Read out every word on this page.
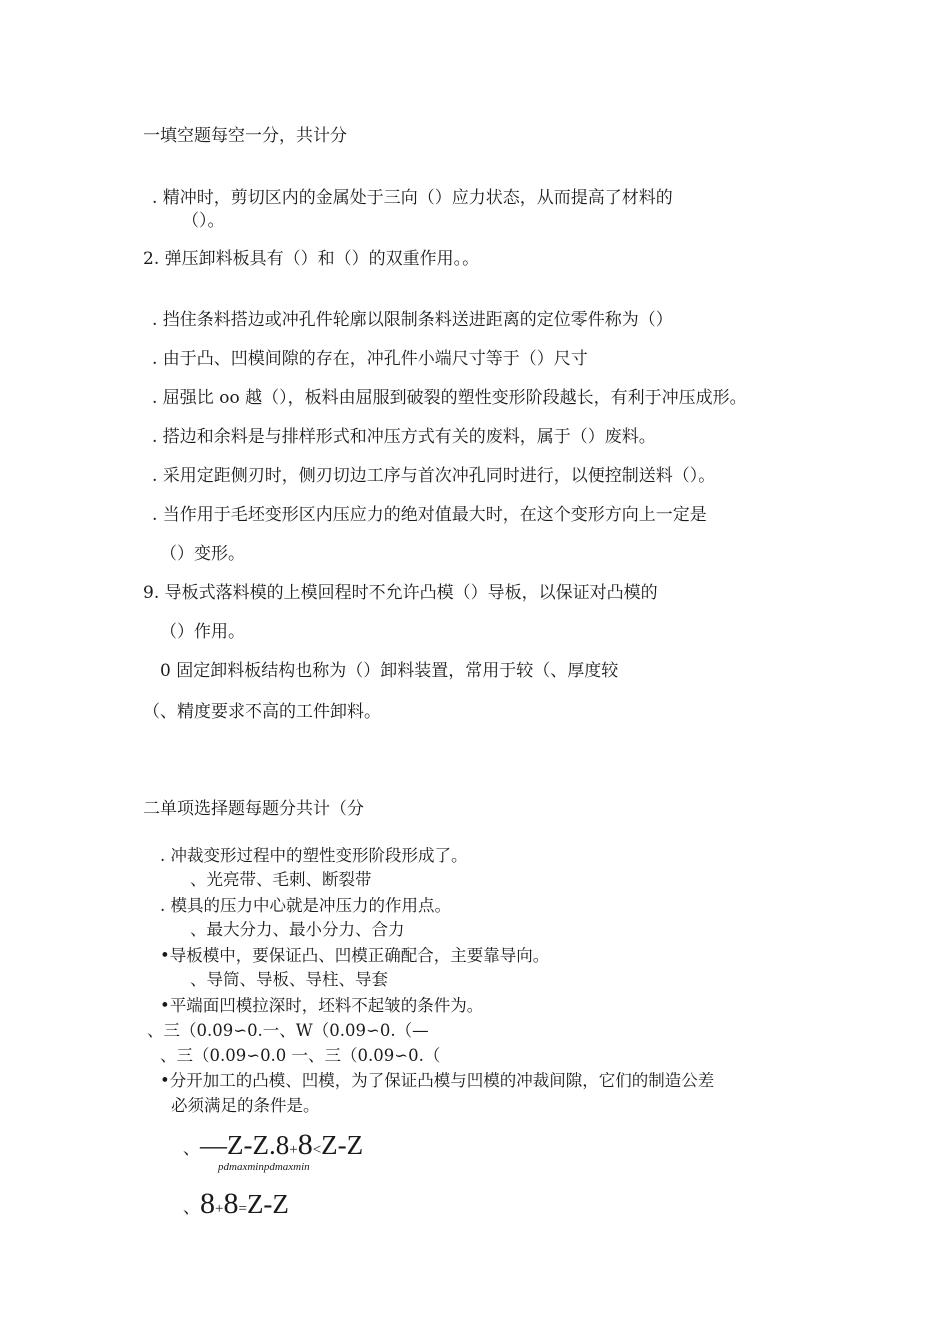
一填空题每空一分，共计分
. 精冲时，剪切区内的金属处于三向（）应力状态，从而提高了材料的
（）。
2. 弹压卸料板具有（）和（）的双重作用。。
. 挡住条料搭边或冲孔件轮廓以限制条料送进距离的定位零件称为（）
. 由于凸、凹模间隙的存在，冲孔件小端尺寸等于（）尺寸
. 屈强比 oo 越（），板料由屈服到破裂的塑性变形阶段越长，有利于冲压成形。
. 搭边和余料是与排样形式和冲压方式有关的废料，属于（）废料。
. 采用定距侧刃时，侧刃切边工序与首次冲孔同时进行，以便控制送料（）。
. 当作用于毛坯变形区内压应力的绝对值最大时，在这个变形方向上一定是
（）变形。
9. 导板式落料模的上模回程时不允许凸模（）导板，以保证对凸模的
（）作用。
0 固定卸料板结构也称为（）卸料装置，常用于较（、厚度较
（、精度要求不高的工件卸料。
二单项选择题每题分共计（分
. 冲裁变形过程中的塑性变形阶段形成了。
、光亮带、毛刺、断裂带
. 模具的压力中心就是冲压力的作用点。
、最大分力、最小分力、合力
•导板模中，要保证凸、凹模正确配合，主要靠导向。
、导筒、导板、导柱、导套
•平端面凹模拉深时，坯料不起皱的条件为。
、三（0.09∽0.一、W（0.09∽0.（—
、三（0.09∽0.0 一、三（0.09∽0.（
•分开加工的凸模、凹模，为了保证凸模与凹模的冲裁间隙，它们的制造公差
必须满足的条件是。
、—Z-Z.8+8<Z-Z
pdmaxminpdmaxmin
、8+8=Z-Z
